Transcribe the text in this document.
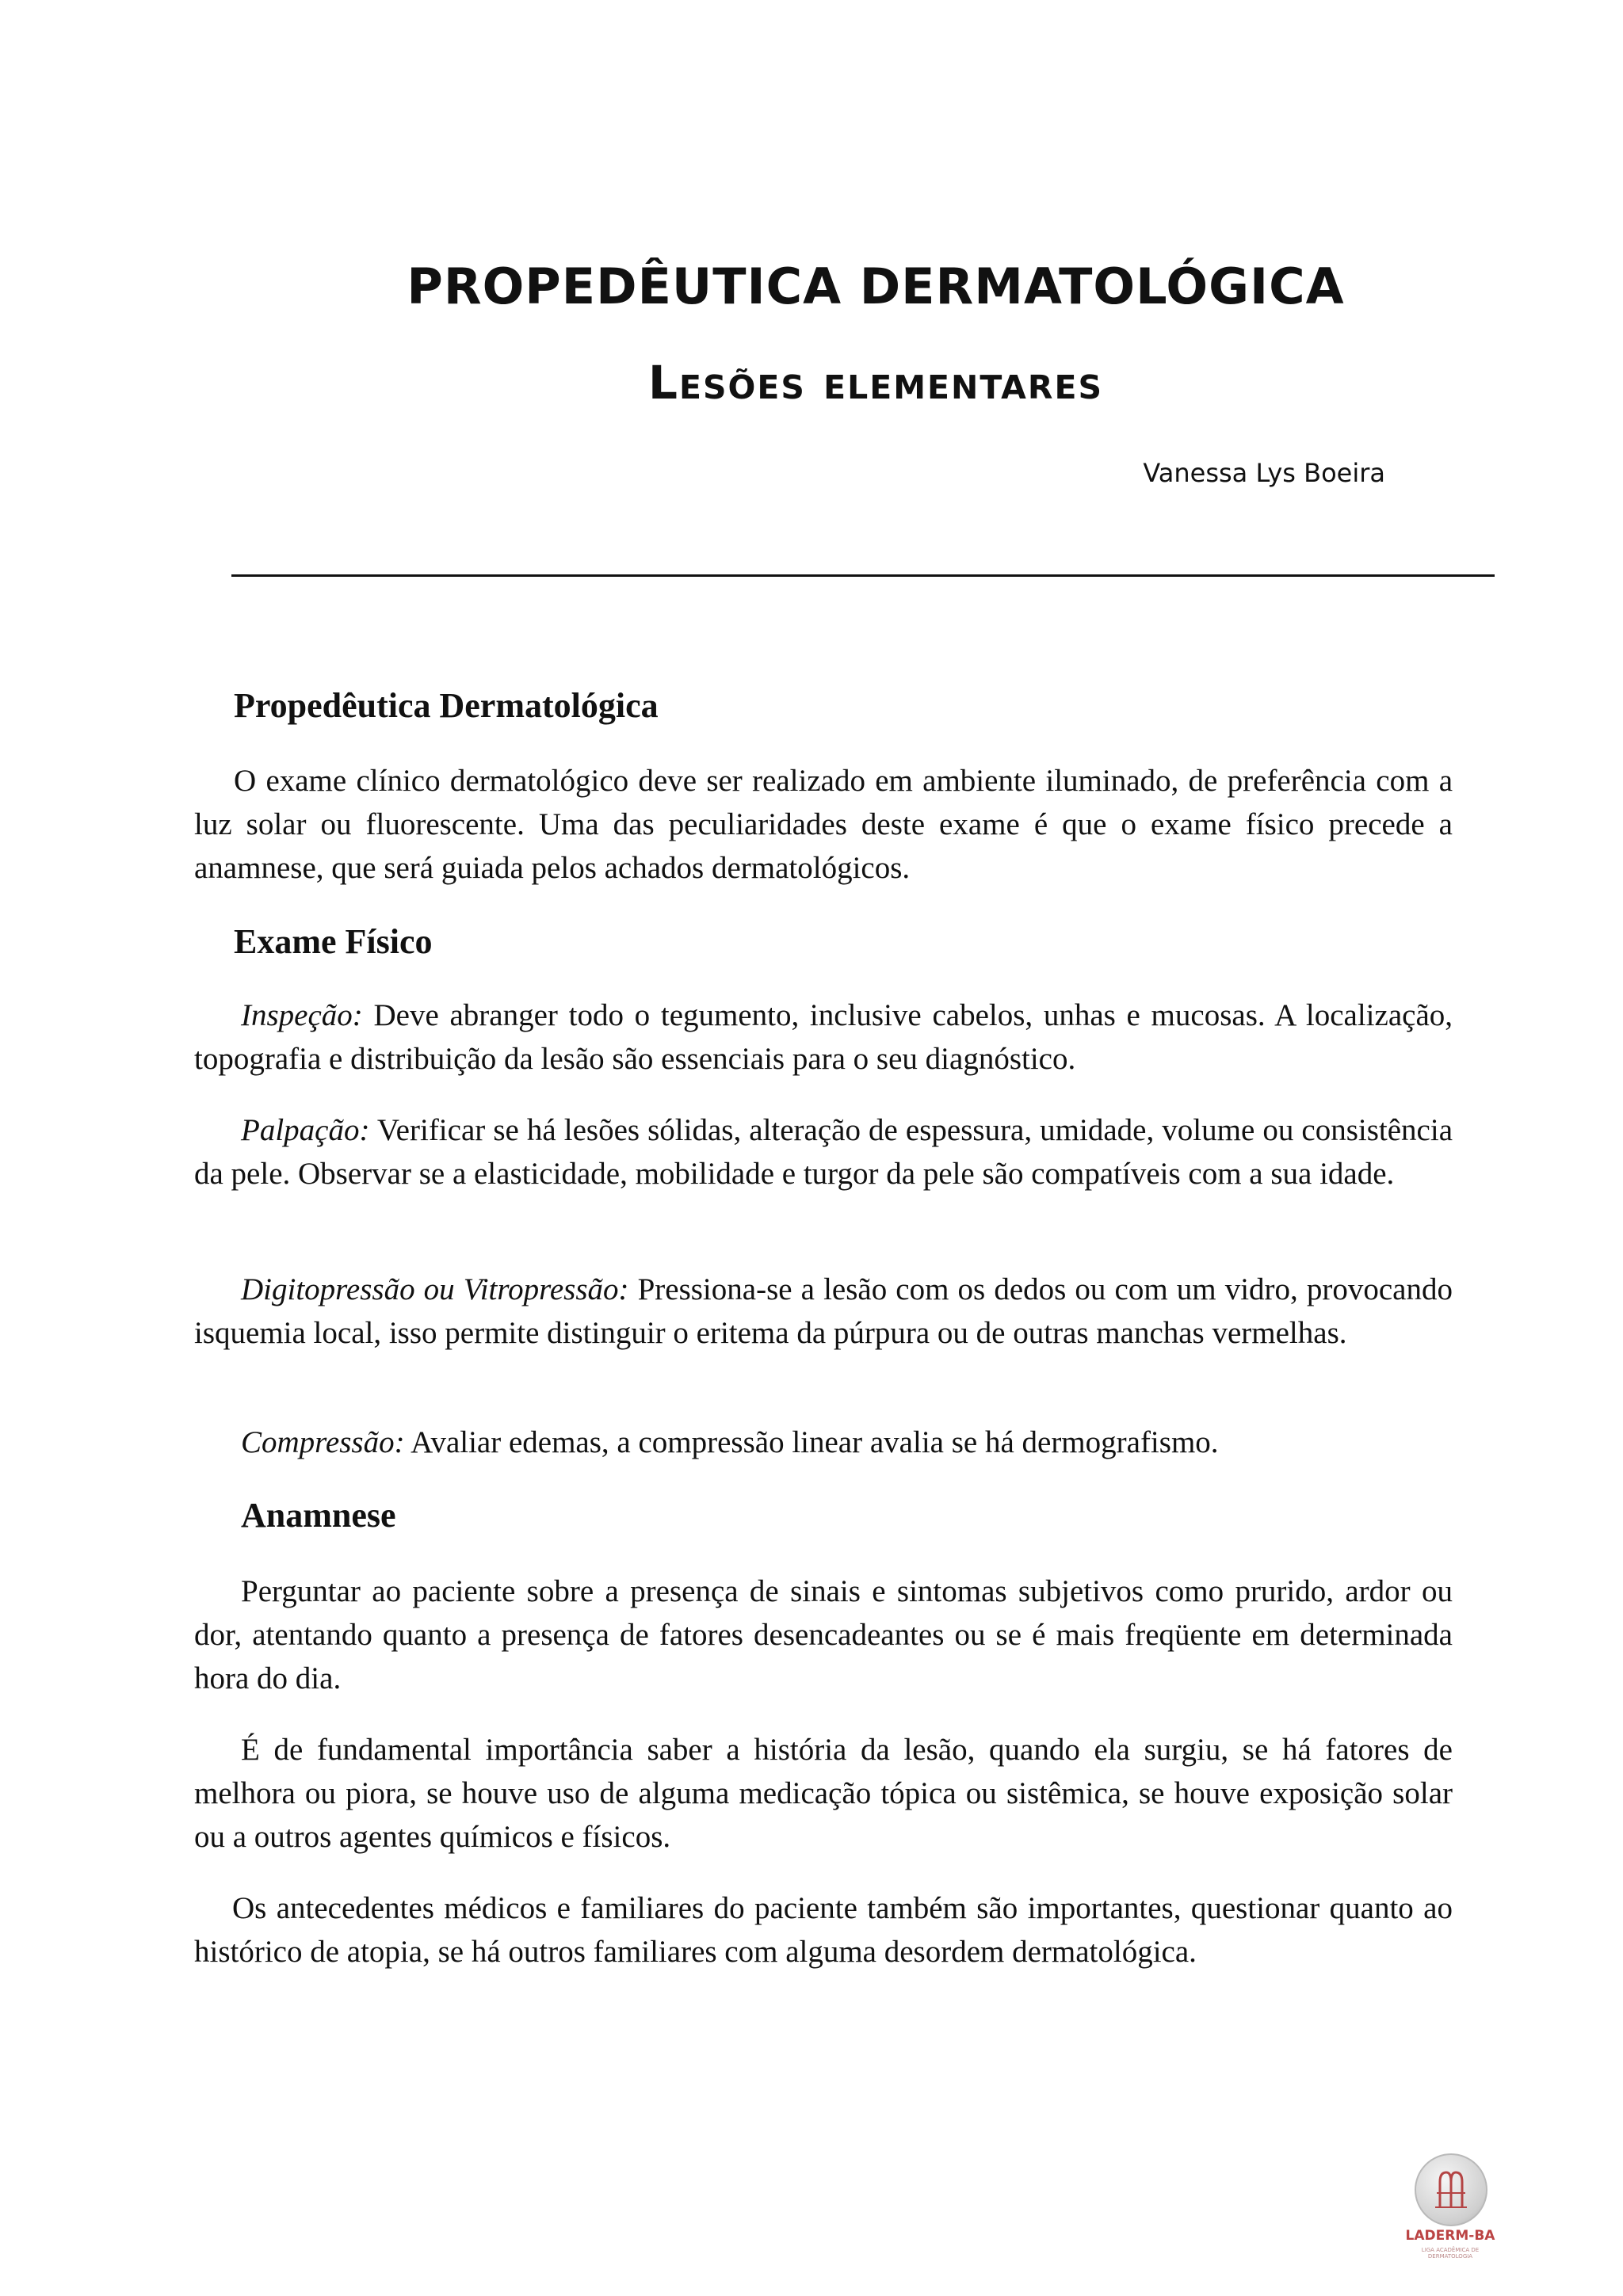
PROPEDÊUTICA DERMATOLÓGICA
Lesões elementares
Vanessa Lys Boeira
Propedêutica Dermatológica

O exame clínico dermatológico deve ser realizado em ambiente iluminado, de preferência com a luz solar ou fluorescente. Uma das peculiaridades deste exame é que o exame físico precede a anamnese, que será guiada pelos achados dermatológicos.

Exame Físico

Inspeção: Deve abranger todo o tegumento, inclusive cabelos, unhas e mucosas. A localização, topografia e distribuição da lesão são essenciais para o seu diagnóstico.

Palpação: Verificar se há lesões sólidas, alteração de espessura, umidade, volume ou consistência da pele. Observar se a elasticidade, mobilidade e turgor da pele são compatíveis com a sua idade.

Digitopressão ou Vitropressão: Pressiona-se a lesão com os dedos ou com um vidro, provocando isquemia local, isso permite distinguir o eritema da púrpura ou de outras manchas vermelhas.

Compressão: Avaliar edemas, a compressão linear avalia se há dermografismo.

Anamnese

Perguntar ao paciente sobre a presença de sinais e sintomas subjetivos como prurido, ardor ou dor, atentando quanto a presença de fatores desencadeantes ou se é mais freqüente em determinada hora do dia.

É de fundamental importância saber a história da lesão, quando ela surgiu, se há fatores de melhora ou piora, se houve uso de alguma medicação tópica ou sistêmica, se houve exposição solar ou a outros agentes químicos e físicos.

Os antecedentes médicos e familiares do paciente também são importantes, questionar quanto ao histórico de atopia, se há outros familiares com alguma desordem dermatológica.

LADERM-BA
LIGA ACADÊMICA DE DERMATOLOGIA
